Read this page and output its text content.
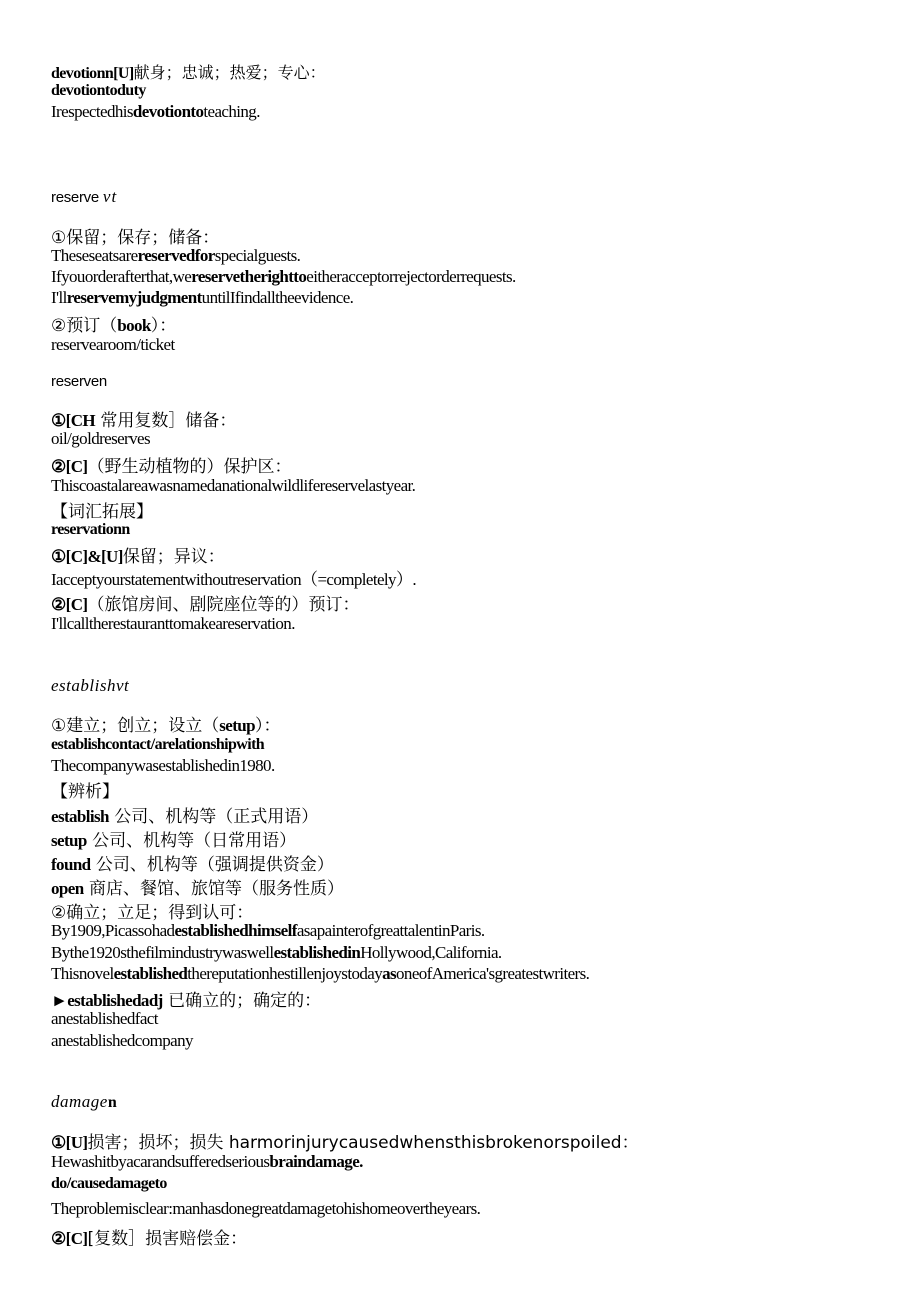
devotionn[U]献身；忠诚；热爱；专心：
devotiontoduty
Irespectedhisdevotiontoteaching.
reserve vt
①保留；保存；储备：
Theseseatsarereservedforspecialguests.
Ifyouorderafterthat,wereservetherighttoeitheracceptorrejectorderrequests.
I'llreservemyjudgmentuntilIfindalltheevidence.
②预订（book）：
reservearoom/ticket
reserven
①[CH 常用复数］储备：
oil/goldreserves
②[C]（野生动植物的）保护区：
Thiscoastalareawasnamedanationalwildlifereservelastyear.
【词汇拓展】
reservationn
①[C]&[U]保留；异议：
Iacceptyourstatementwithoutreservation（=completely）.
②[C]（旅馆房间、剧院座位等的）预订：
I'llcalltherestauranttomakeareservation.
establishvt
①建立；创立；设立（setup）：
establishcontact/arelationshipwith
Thecompanywasestablishedin1980.
【辨析】
establish 公司、机构等（正式用语）
setup 公司、机构等（日常用语）
found 公司、机构等（强调提供资金）
open 商店、餐馆、旅馆等（服务性质）
②确立；立足；得到认可：
By1909,PicassohadestablishedhimselfasapainterofgreattalentinParis.
Bythe1920sthefilmindustrywaswellestablishedinHollywood,California.
ThisnovelestablishedthereputationhestillenjoystodayasoneofAmerica'sgreatestwriters.
►establishedadj 已确立的；确定的：
anestablishedfact
anestablishedcompany
damagen
①[U]损害；损坏；损失 harmorinjurycausedwhensthisbrokenorspoiled：
Hewashitbyacarandsufferedseriousbraindamage.
do/causedamageto
Theproblemisclear:manhasdonegreatdamagetohishomeovertheyears.
②[C][复数］损害赔偿金：
